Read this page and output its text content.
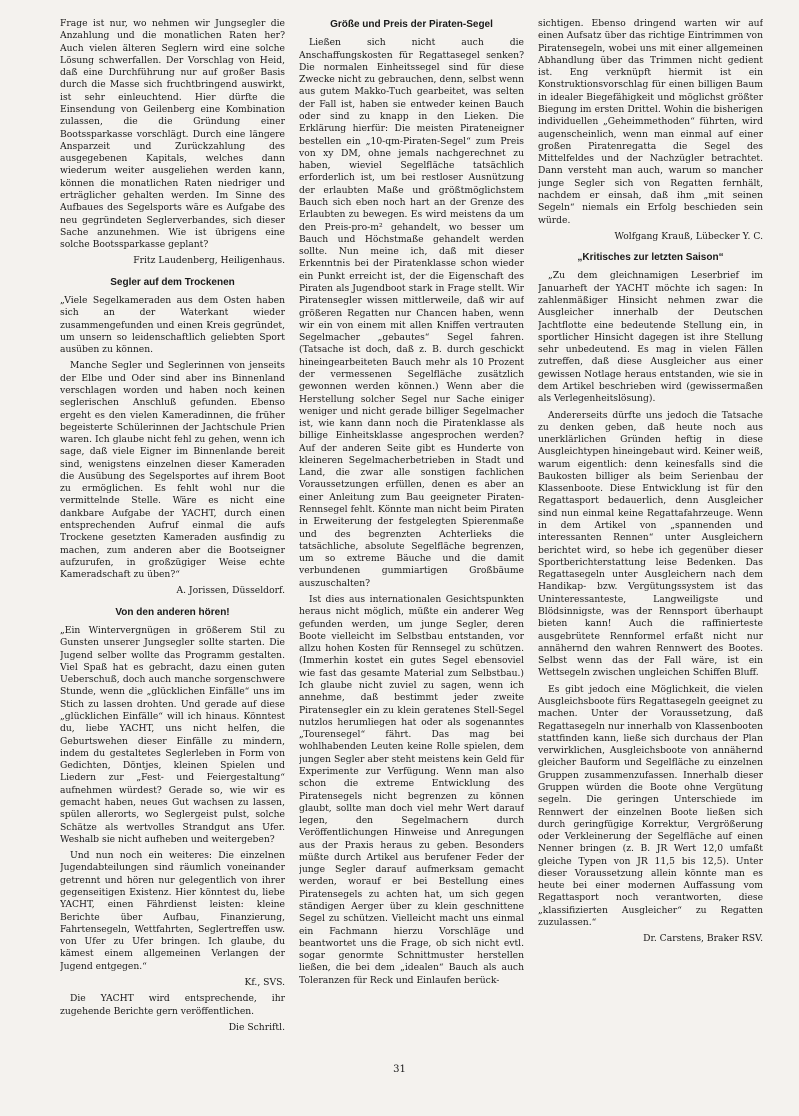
Frage ist nur, wo nehmen wir Jungsegler die Anzahlung und die monatlichen Raten her? Auch vielen älteren Seglern wird eine solche Lösung schwerfallen. Der Vorschlag von Heid, daß eine Durchführung nur auf großer Basis durch die Masse sich fruchtbringend auswirkt, ist sehr einleuchtend. Hier dürfte die Einsendung von Geilenberg eine Kombination zulassen, die die Gründung einer Bootssparkasse vorschlägt. Durch eine längere Ansparzeit und Zurückzahlung des ausgegebenen Kapitals, welches dann wiederum weiter ausgeliehen werden kann, können die monatlichen Raten niedriger und erträglicher gehalten werden. Im Sinne des Aufbaues des Segelsports wäre es Aufgabe des neu gegründeten Seglerverbandes, sich dieser Sache anzunehmen. Wie ist übrigens eine solche Bootssparkasse geplant?

Fritz Laudenberg, Heiligenhaus.

Segler auf dem Trockenen

„Viele Segelkameraden aus dem Osten haben sich an der Waterkant wieder zusammengefunden und einen Kreis gegründet, um unsern so leidenschaftlich geliebten Sport ausüben zu können.

Manche Segler und Seglerinnen von jenseits der Elbe und Oder sind aber ins Binnenland verschlagen worden und haben noch keinen seglerischen Anschluß gefunden. Ebenso ergeht es den vielen Kameradinnen, die früher begeisterte Schülerinnen der Jachtschule Prien waren. Ich glaube nicht fehl zu gehen, wenn ich sage, daß viele Eigner im Binnenlande bereit sind, wenigstens einzelnen dieser Kameraden die Ausübung des Segelsportes auf ihrem Boot zu ermöglichen. Es fehlt wohl nur die vermittelnde Stelle. Wäre es nicht eine dankbare Aufgabe der YACHT, durch einen entsprechenden Aufruf einmal die aufs Trockene gesetzten Kameraden ausfindig zu machen, zum anderen aber die Bootseigner aufzurufen, in großzügiger Weise echte Kameradschaft zu üben?“

A. Jorissen, Düsseldorf.

Von den anderen hören!

„Ein Wintervergnügen in größerem Stil zu Gunsten unserer Jungsegler sollte starten. Die Jugend selber wollte das Programm gestalten. Viel Spaß hat es gebracht, dazu einen guten Ueberschuß, doch auch manche sorgenschwere Stunde, wenn die „glücklichen Einfälle“ uns im Stich zu lassen drohten. Und gerade auf diese „glücklichen Einfälle“ will ich hinaus. Könntest du, liebe YACHT, uns nicht helfen, die Geburtswehen dieser Einfälle zu mindern, indem du gestaltetes Seglerleben in Form von Gedichten, Döntjes, kleinen Spielen und Liedern zur „Fest- und Feiergestaltung“ aufnehmen würdest? Gerade so, wie wir es gemacht haben, neues Gut wachsen zu lassen, spülen allerorts, wo Seglergeist pulst, solche Schätze als wertvolles Strandgut ans Ufer. Weshalb sie nicht aufheben und weitergeben?

Und nun noch ein weiteres: Die einzelnen Jugendabteilungen sind räumlich voneinander getrennt und hören nur gelegentlich von ihrer gegenseitigen Existenz. Hier könntest du, liebe YACHT, einen Fährdienst leisten: kleine Berichte über Aufbau, Finanzierung, Fahrtensegeln, Wettfahrten, Seglertreffen usw. von Ufer zu Ufer bringen. Ich glaube, du kämest einem allgemeinen Verlangen der Jugend entgegen.“

Kf., SVS.

Die YACHT wird entsprechende, ihr zugehende Berichte gern veröffentlichen.

Die Schriftl.

Größe und Preis der Piraten-Segel

Ließen sich nicht auch die Anschaffungskosten für Regattasegel senken? Die normalen Einheitssegel sind für diese Zwecke nicht zu gebrauchen, denn, selbst wenn aus gutem Makko-Tuch gearbeitet, was selten der Fall ist, haben sie entweder keinen Bauch oder sind zu knapp in den Lieken. Die Erklärung hierfür: Die meisten Pirateneigner bestellen ein „10-qm-Piraten-Segel“ zum Preis von xy DM, ohne jemals nachgerechnet zu haben, wieviel Segelfläche tatsächlich erforderlich ist, um bei restloser Ausnützung der erlaubten Maße und größtmöglichstem Bauch sich eben noch hart an der Grenze des Erlaubten zu bewegen. Es wird meistens da um den Preis-pro-m² gehandelt, wo besser um Bauch und Höchstmaße gehandelt werden sollte. Nun meine ich, daß mit dieser Erkenntnis bei der Piratenklasse schon wieder ein Punkt erreicht ist, der die Eigenschaft des Piraten als Jugendboot stark in Frage stellt. Wir Piratensegler wissen mittlerweile, daß wir auf größeren Regatten nur Chancen haben, wenn wir ein von einem mit allen Kniffen vertrauten Segelmacher „gebautes“ Segel fahren. (Tatsache ist doch, daß z. B. durch geschickt hineingearbeiteten Bauch mehr als 10 Prozent der vermessenen Segelfläche zusätzlich gewonnen werden können.) Wenn aber die Herstellung solcher Segel nur Sache einiger weniger und nicht gerade billiger Segelmacher ist, wie kann dann noch die Piratenklasse als billige Einheitsklasse angesprochen werden? Auf der anderen Seite gibt es Hunderte von kleineren Segelmacherbetrieben in Stadt und Land, die zwar alle sonstigen fachlichen Voraussetzungen erfüllen, denen es aber an einer Anleitung zum Bau geeigneter Piraten-Rennsegel fehlt. Könnte man nicht beim Piraten in Erweiterung der festgelegten Spierenmaße und des begrenzten Achterlieks die tatsächliche, absolute Segelfläche begrenzen, um so extreme Bäuche und die damit verbundenen gummiartigen Großbäume auszuschalten?

Ist dies aus internationalen Gesichtspunkten heraus nicht möglich, müßte ein anderer Weg gefunden werden, um junge Segler, deren Boote vielleicht im Selbstbau entstanden, vor allzu hohen Kosten für Rennsegel zu schützen. (Immerhin kostet ein gutes Segel ebensoviel wie fast das gesamte Material zum Selbstbau.) Ich glaube nicht zuviel zu sagen, wenn ich annehme, daß bestimmt jeder zweite Piratensegler ein zu klein geratenes Stell-Segel nutzlos herumliegen hat oder als sogenanntes „Tourensegel“ fährt. Das mag bei wohlhabenden Leuten keine Rolle spielen, dem jungen Segler aber steht meistens kein Geld für Experimente zur Verfügung. Wenn man also schon die extreme Entwicklung des Piratensegels nicht begrenzen zu können glaubt, sollte man doch viel mehr Wert darauf legen, den Segelmachern durch Veröffentlichungen Hinweise und Anregungen aus der Praxis heraus zu geben. Besonders müßte durch Artikel aus berufener Feder der junge Segler darauf aufmerksam gemacht werden, worauf er bei Bestellung eines Piratensegels zu achten hat, um sich gegen ständigen Aerger über zu klein geschnittene Segel zu schützen. Vielleicht macht uns einmal ein Fachmann hierzu Vorschläge und beantwortet uns die Frage, ob sich nicht evtl. sogar genormte Schnittmuster herstellen ließen, die bei dem „idealen“ Bauch als auch Toleranzen für Reck und Einlaufen berück-

sichtigen. Ebenso dringend warten wir auf einen Aufsatz über das richtige Eintrimmen von Piratensegeln, wobei uns mit einer allgemeinen Abhandlung über das Trimmen nicht gedient ist. Eng verknüpft hiermit ist ein Konstruktionsvorschlag für einen billigen Baum in idealer Biegefähigkeit und möglichst größter Biegung im ersten Drittel. Wohin die bisherigen individuellen „Geheimmethoden“ führten, wird augenscheinlich, wenn man einmal auf einer großen Piratenregatta die Segel des Mittelfeldes und der Nachzügler betrachtet. Dann versteht man auch, warum so mancher junge Segler sich von Regatten fernhält, nachdem er einsah, daß ihm „mit seinen Segeln“ niemals ein Erfolg beschieden sein würde.

Wolfgang Krauß, Lübecker Y. C.

„Kritisches zur letzten Saison“

„Zu dem gleichnamigen Leserbrief im Januarheft der YACHT möchte ich sagen: In zahlenmäßiger Hinsicht nehmen zwar die Ausgleicher innerhalb der Deutschen Jachtflotte eine bedeutende Stellung ein, in sportlicher Hinsicht dagegen ist ihre Stellung sehr unbedeutend. Es mag in vielen Fällen zutreffen, daß diese Ausgleicher aus einer gewissen Notlage heraus entstanden, wie sie in dem Artikel beschrieben wird (gewissermaßen als Verlegenheitslösung).

Andererseits dürfte uns jedoch die Tatsache zu denken geben, daß heute noch aus unerklärlichen Gründen heftig in diese Ausgleichtypen hineingebaut wird. Keiner weiß, warum eigentlich: denn keinesfalls sind die Baukosten billiger als beim Serienbau der Klassenboote. Diese Entwicklung ist für den Regattasport bedauerlich, denn Ausgleicher sind nun einmal keine Regattafahrzeuge. Wenn in dem Artikel von „spannenden und interessanten Rennen“ unter Ausgleichern berichtet wird, so hebe ich gegenüber dieser Sportberichterstattung leise Bedenken. Das Regattasegeln unter Ausgleichern nach dem Handikap- bzw. Vergütungssystem ist das Uninteressanteste, Langweiligste und Blödsinnigste, was der Rennsport überhaupt bieten kann! Auch die raffinierteste ausgebrütete Rennformel erfaßt nicht nur annähernd den wahren Rennwert des Bootes. Selbst wenn das der Fall wäre, ist ein Wettsegeln zwischen ungleichen Schiffen Bluff.

Es gibt jedoch eine Möglichkeit, die vielen Ausgleichsboote fürs Regattasegeln geeignet zu machen. Unter der Voraussetzung, daß Regattasegeln nur innerhalb von Klassenbooten stattfinden kann, ließe sich durchaus der Plan verwirklichen, Ausgleichsboote von annähernd gleicher Bauform und Segelfläche zu einzelnen Gruppen zusammenzufassen. Innerhalb dieser Gruppen würden die Boote ohne Vergütung segeln. Die geringen Unterschiede im Rennwert der einzelnen Boote ließen sich durch geringfügige Korrektur, Vergrößerung oder Verkleinerung der Segelfläche auf einen Nenner bringen (z. B. JR Wert 12,0 umfaßt gleiche Typen von JR 11,5 bis 12,5). Unter dieser Voraussetzung allein könnte man es heute bei einer modernen Auffassung vom Regattasport noch verantworten, diese „klassifizierten Ausgleicher“ zu Regatten zuzulassen.“

Dr. Carstens, Braker RSV.

31
